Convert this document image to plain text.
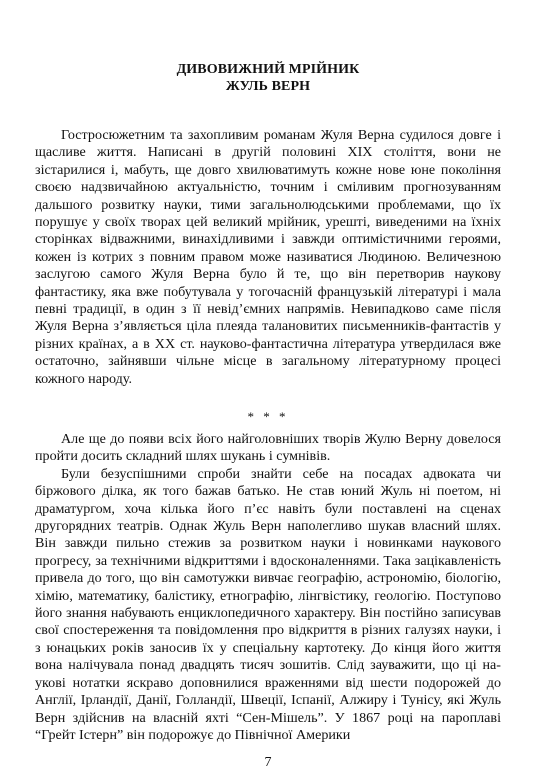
ДИВОВИЖНИЙ МРІЙНИК
ЖУЛЬ ВЕРН

Гостросюжетним та захопливим романам Жуля Верна судилося довге і щасливе життя. Написані в другій половині XIX століття, вони не зістарилися і, мабуть, ще довго хвилюватимуть кожне нове юне покоління своєю надзвичайною актуальністю, точним і сміливим прогнозуванням дальшого розвитку науки, тими загальнолюдськими проблемами, що їх порушує у своїх творах цей великий мрійник, урешті, виведеними на їхніх сторінках відважними, винахідливими і завжди оптимістичними героями, кожен із котрих з повним правом може називатися Людиною. Величезною заслугою самого Жуля Верна було й те, що він перетворив наукову фантастику, яка вже побутувала у тогочасній французькій літературі і мала певні традиції, в один з її невід’ємних напрямів. Невипадково саме після Жуля Верна з’являється ціла плеяда талановитих письменників-фантастів у різних країнах, а в XX ст. науково-фантастична література утвердилася вже остаточно, зайнявши чільне місце в загальному літературному процесі кожного народу.

* * *

Але ще до появи всіх його найголовніших творів Жулю Верну довелося пройти досить складний шлях шукань і сумнівів.

Були безуспішними спроби знайти себе на посадах адвоката чи біржового ділка, як того бажав батько. Не став юний Жуль ні поетом, ні драматургом, хоча кілька його п’єс навіть були поставлені на сценах другорядних театрів. Однак Жуль Верн наполегливо шукав власний шлях. Він завжди пильно стежив за розвитком науки і новинками наукового прогресу, за технічними відкриттями і вдосконаленнями. Така зацікавленість привела до того, що він самотужки вивчає географію, астрономію, біологію, хімію, математику, балістику, етнографію, лінгвістику, геологію. Поступово його знання набувають енциклопедичного характеру. Він постійно записував свої спостереження та повідомлення про відкриття в різних галузях науки, і з юнацьких років заносив їх у спеціальну картотеку. До кінця його життя вона налічувала понад двадцять тисяч зошитів. Слід зауважити, що ці наукові нотатки яскраво доповнилися враженнями від шести подорожей до Англії, Ірландії, Данії, Голландії, Швеції, Іспанії, Алжиру і Тунісу, які Жуль Верн здійснив на власній яхті “Сен-Мішель”. У 1867 році на пароплаві “Грейт Істерн” він подорожує до Північної Америки

7
